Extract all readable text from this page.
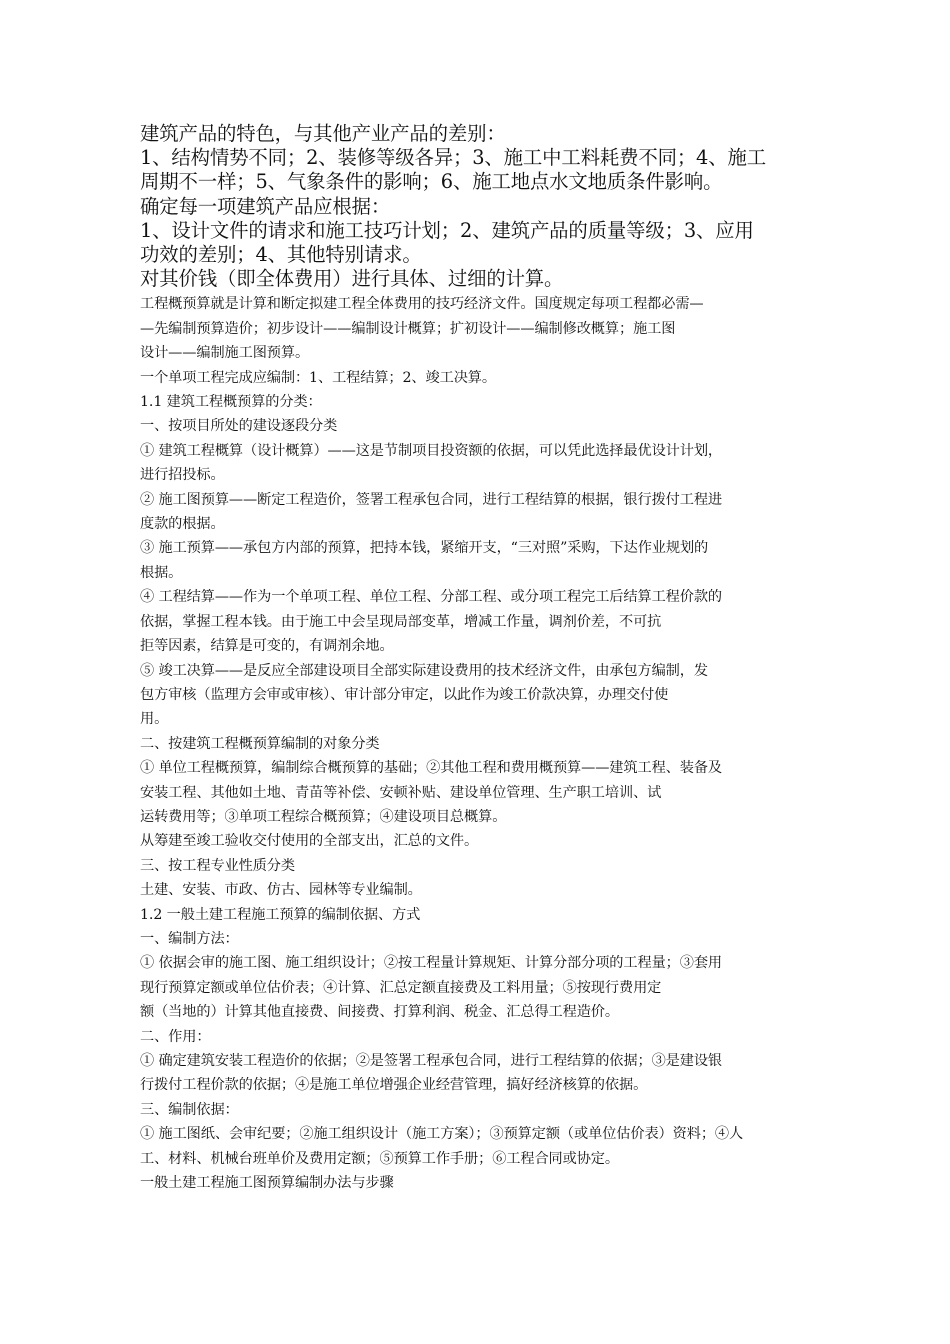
建筑产品的特色，与其他产业产品的差别：

1、结构情势不同；2、装修等级各异；3、施工中工料耗费不同；4、施工

周期不一样；5、气象条件的影响；6、施工地点水文地质条件影响。

确定每一项建筑产品应根据：

1、设计文件的请求和施工技巧计划；2、建筑产品的质量等级；3、应用

功效的差别；4、其他特别请求。

对其价钱（即全体费用）进行具体、过细的计算。

工程概预算就是计算和断定拟建工程全体费用的技巧经济文件。国度规定每项工程都必需—

—先编制预算造价；初步设计——编制设计概算；扩初设计——编制修改概算；施工图

设计——编制施工图预算。

一个单项工程完成应编制：1、工程结算；2、竣工决算。

1.1 建筑工程概预算的分类：

一、按项目所处的建设逐段分类

① 建筑工程概算（设计概算）——这是节制项目投资额的依据，可以凭此选择最优设计计划，

进行招投标。

② 施工图预算——断定工程造价，签署工程承包合同，进行工程结算的根据，银行拨付工程进

度款的根据。

③ 施工预算——承包方内部的预算，把持本钱，紧缩开支，“三对照”采购，下达作业规划的

根据。

④ 工程结算——作为一个单项工程、单位工程、分部工程、或分项工程完工后结算工程价款的

依据，掌握工程本钱。由于施工中会呈现局部变革，增减工作量，调剂价差，不可抗

拒等因素，结算是可变的，有调剂余地。

⑤ 竣工决算——是反应全部建设项目全部实际建设费用的技术经济文件，由承包方编制，发

包方审核（监理方会审或审核）、审计部分审定，以此作为竣工价款决算，办理交付使

用。

二、按建筑工程概预算编制的对象分类

① 单位工程概预算，编制综合概预算的基础；②其他工程和费用概预算——建筑工程、装备及

安装工程、其他如土地、青苗等补偿、安顿补贴、建设单位管理、生产职工培训、试

运转费用等；③单项工程综合概预算；④建设项目总概算。

从筹建至竣工验收交付使用的全部支出，汇总的文件。

三、按工程专业性质分类

土建、安装、市政、仿古、园林等专业编制。

1.2 一般土建工程施工预算的编制依据、方式

一、编制方法：

① 依据会审的施工图、施工组织设计；②按工程量计算规矩、计算分部分项的工程量；③套用

现行预算定额或单位估价表；④计算、汇总定额直接费及工料用量；⑤按现行费用定

额（当地的）计算其他直接费、间接费、打算利润、税金、汇总得工程造价。

二、作用：

① 确定建筑安装工程造价的依据；②是签署工程承包合同，进行工程结算的依据；③是建设银

行拨付工程价款的依据；④是施工单位增强企业经营管理，搞好经济核算的依据。

三、编制依据：

① 施工图纸、会审纪要；②施工组织设计（施工方案）；③预算定额（或单位估价表）资料；④人

工、材料、机械台班单价及费用定额；⑤预算工作手册；⑥工程合同或协定。

一般土建工程施工图预算编制办法与步骤
